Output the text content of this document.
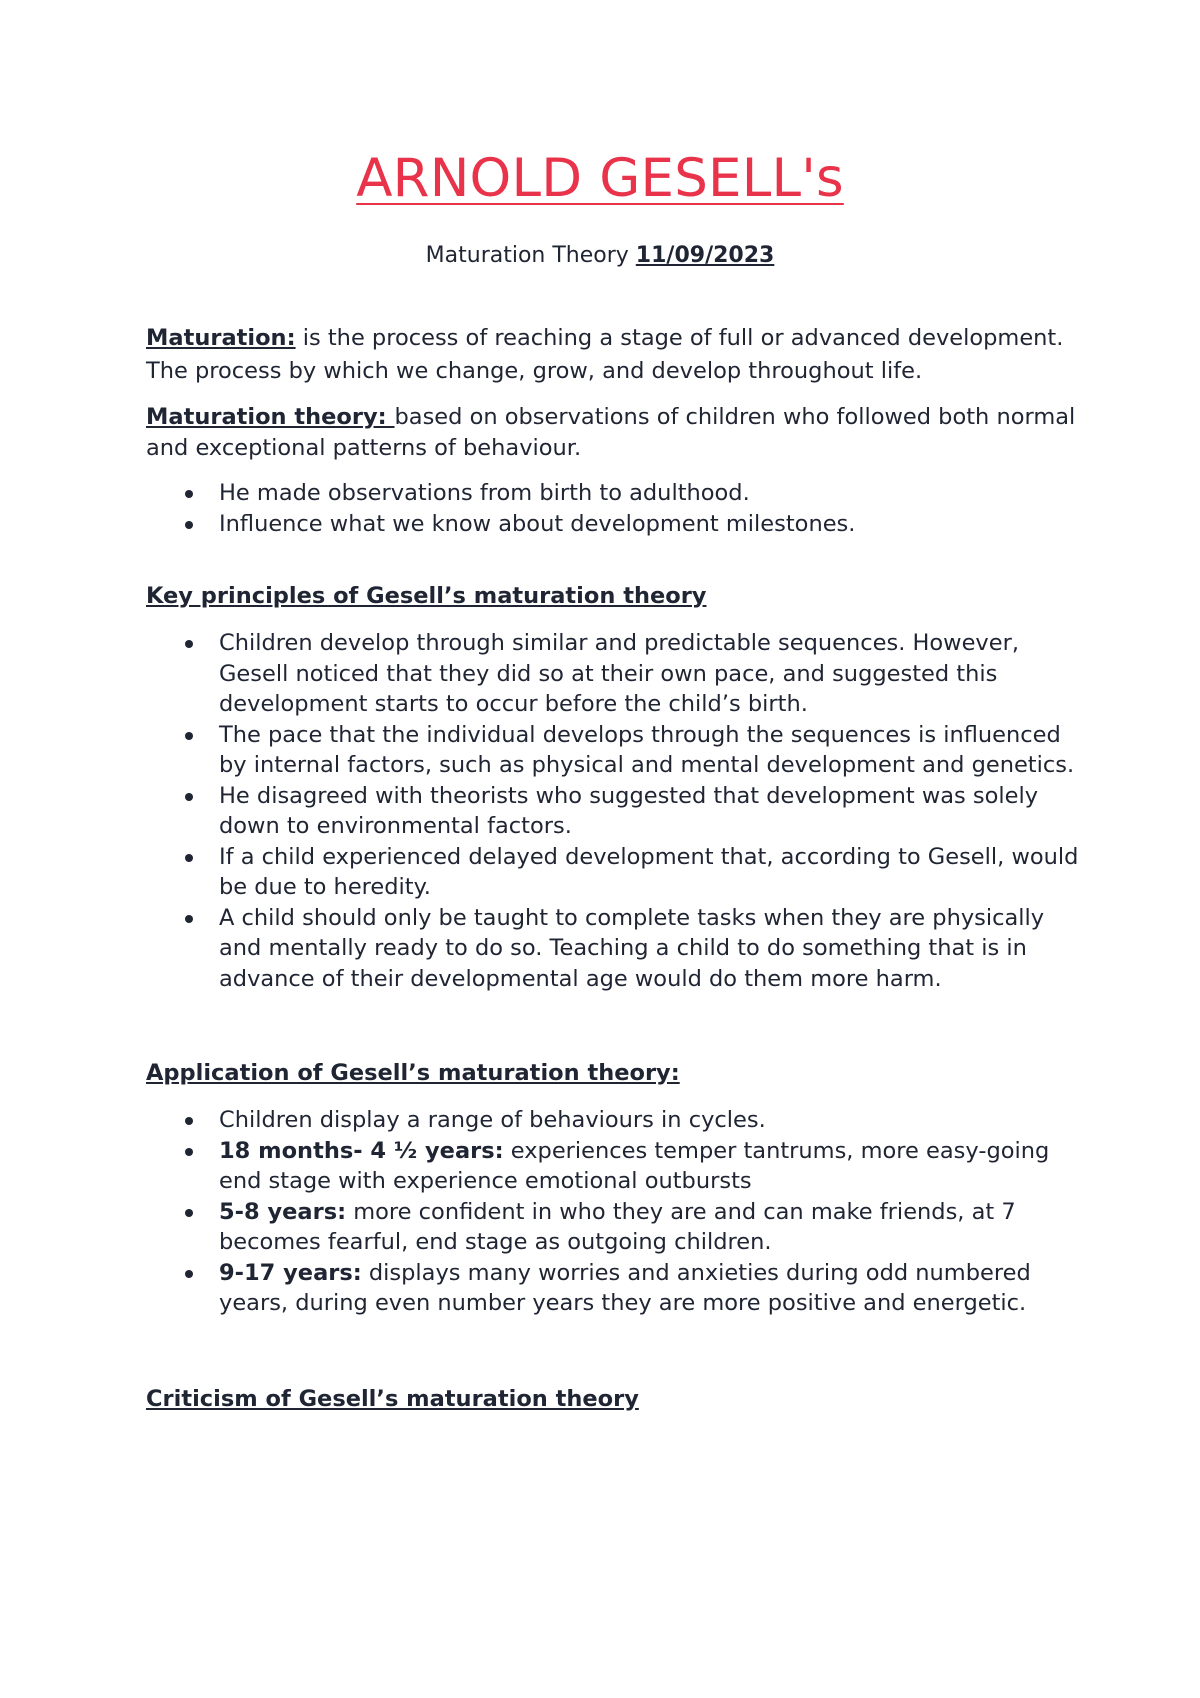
ARNOLD GESELL's
Maturation Theory 11/09/2023

Maturation: is the process of reaching a stage of full or advanced development. The process by which we change, grow, and develop throughout life.

Maturation theory: based on observations of children who followed both normal and exceptional patterns of behaviour.

He made observations from birth to adulthood.
Influence what we know about development milestones.

Key principles of Gesell’s maturation theory

Children develop through similar and predictable sequences. However, Gesell noticed that they did so at their own pace, and suggested this development starts to occur before the child’s birth.
The pace that the individual develops through the sequences is influenced by internal factors, such as physical and mental development and genetics.
He disagreed with theorists who suggested that development was solely down to environmental factors.
If a child experienced delayed development that, according to Gesell, would be due to heredity.
A child should only be taught to complete tasks when they are physically and mentally ready to do so. Teaching a child to do something that is in advance of their developmental age would do them more harm.

Application of Gesell’s maturation theory:

Children display a range of behaviours in cycles.
18 months- 4 ½ years: experiences temper tantrums, more easy-going end stage with experience emotional outbursts
5-8 years: more confident in who they are and can make friends, at 7 becomes fearful, end stage as outgoing children.
9-17 years: displays many worries and anxieties during odd numbered years, during even number years they are more positive and energetic.

Criticism of Gesell’s maturation theory
